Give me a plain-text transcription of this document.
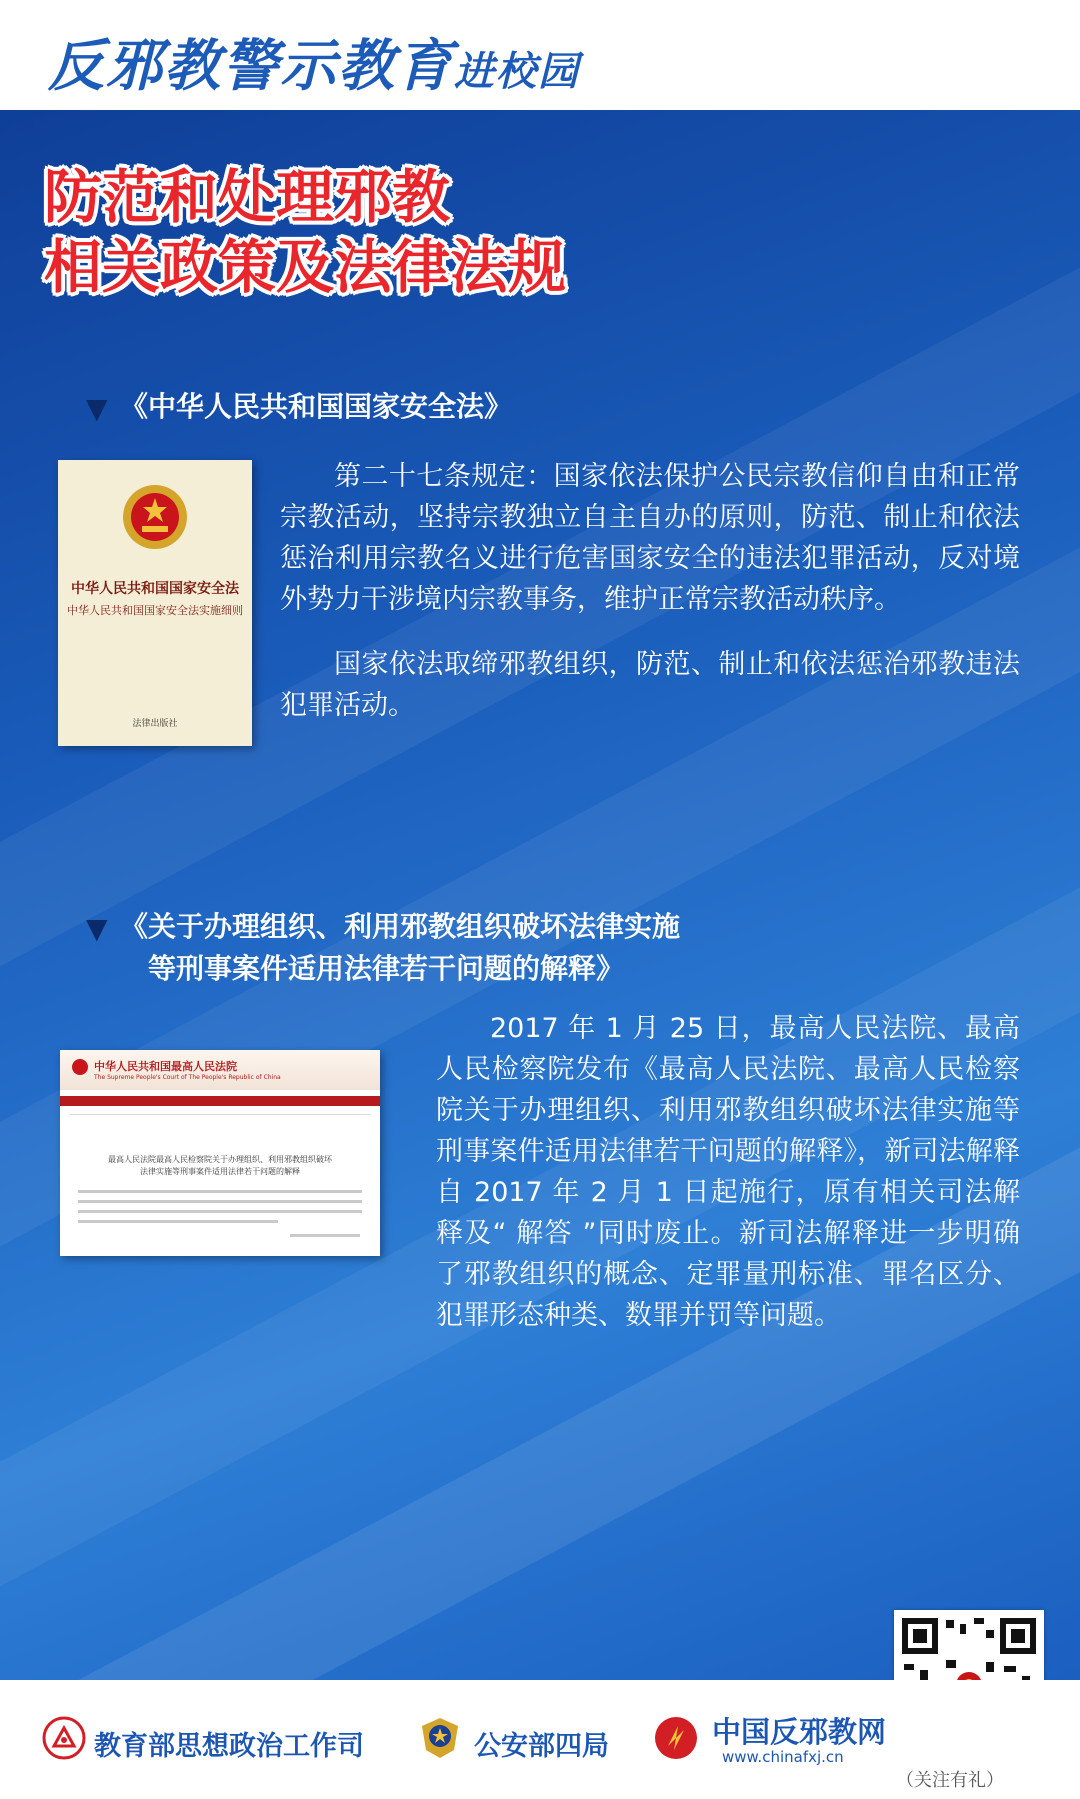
反邪教警示教育进校园
防范和处理邪教
相关政策及法律法规
▼ 《中华人民共和国国家安全法》
中华人民共和国国家安全法
中华人民共和国国家安全法实施细则
法律出版社

第二十七条规定：国家依法保护公民宗教信仰自由和正常宗教活动，坚持宗教独立自主自办的原则，防范、制止和依法惩治利用宗教名义进行危害国家安全的违法犯罪活动，反对境外势力干涉境内宗教事务，维护正常宗教活动秩序。

国家依法取缔邪教组织，防范、制止和依法惩治邪教违法犯罪活动。

▼ 《关于办理组织、利用邪教组织破坏法律实施
等刑事案件适用法律若干问题的解释》
中华人民共和国最高人民法院
The Supreme People's Court of The People's Republic of China
最高人民法院最高人民检察院关于办理组织、利用邪教组织破坏
法律实施等刑事案件适用法律若干问题的解释

2017 年 1 月 25 日，最高人民法院、最高人民检察院发布《最高人民法院、最高人民检察院关于办理组织、利用邪教组织破坏法律实施等刑事案件适用法律若干问题的解释》，新司法解释自 2017 年 2 月 1 日起施行，原有相关司法解释及“ 解答 ”同时废止。新司法解释进一步明确了邪教组织的概念、定罪量刑标准、罪名区分、犯罪形态种类、数罪并罚等问题。

教育部思想政治工作司	公安部四局	中国反邪教网
www.chinafxj.cn
（关注有礼）
